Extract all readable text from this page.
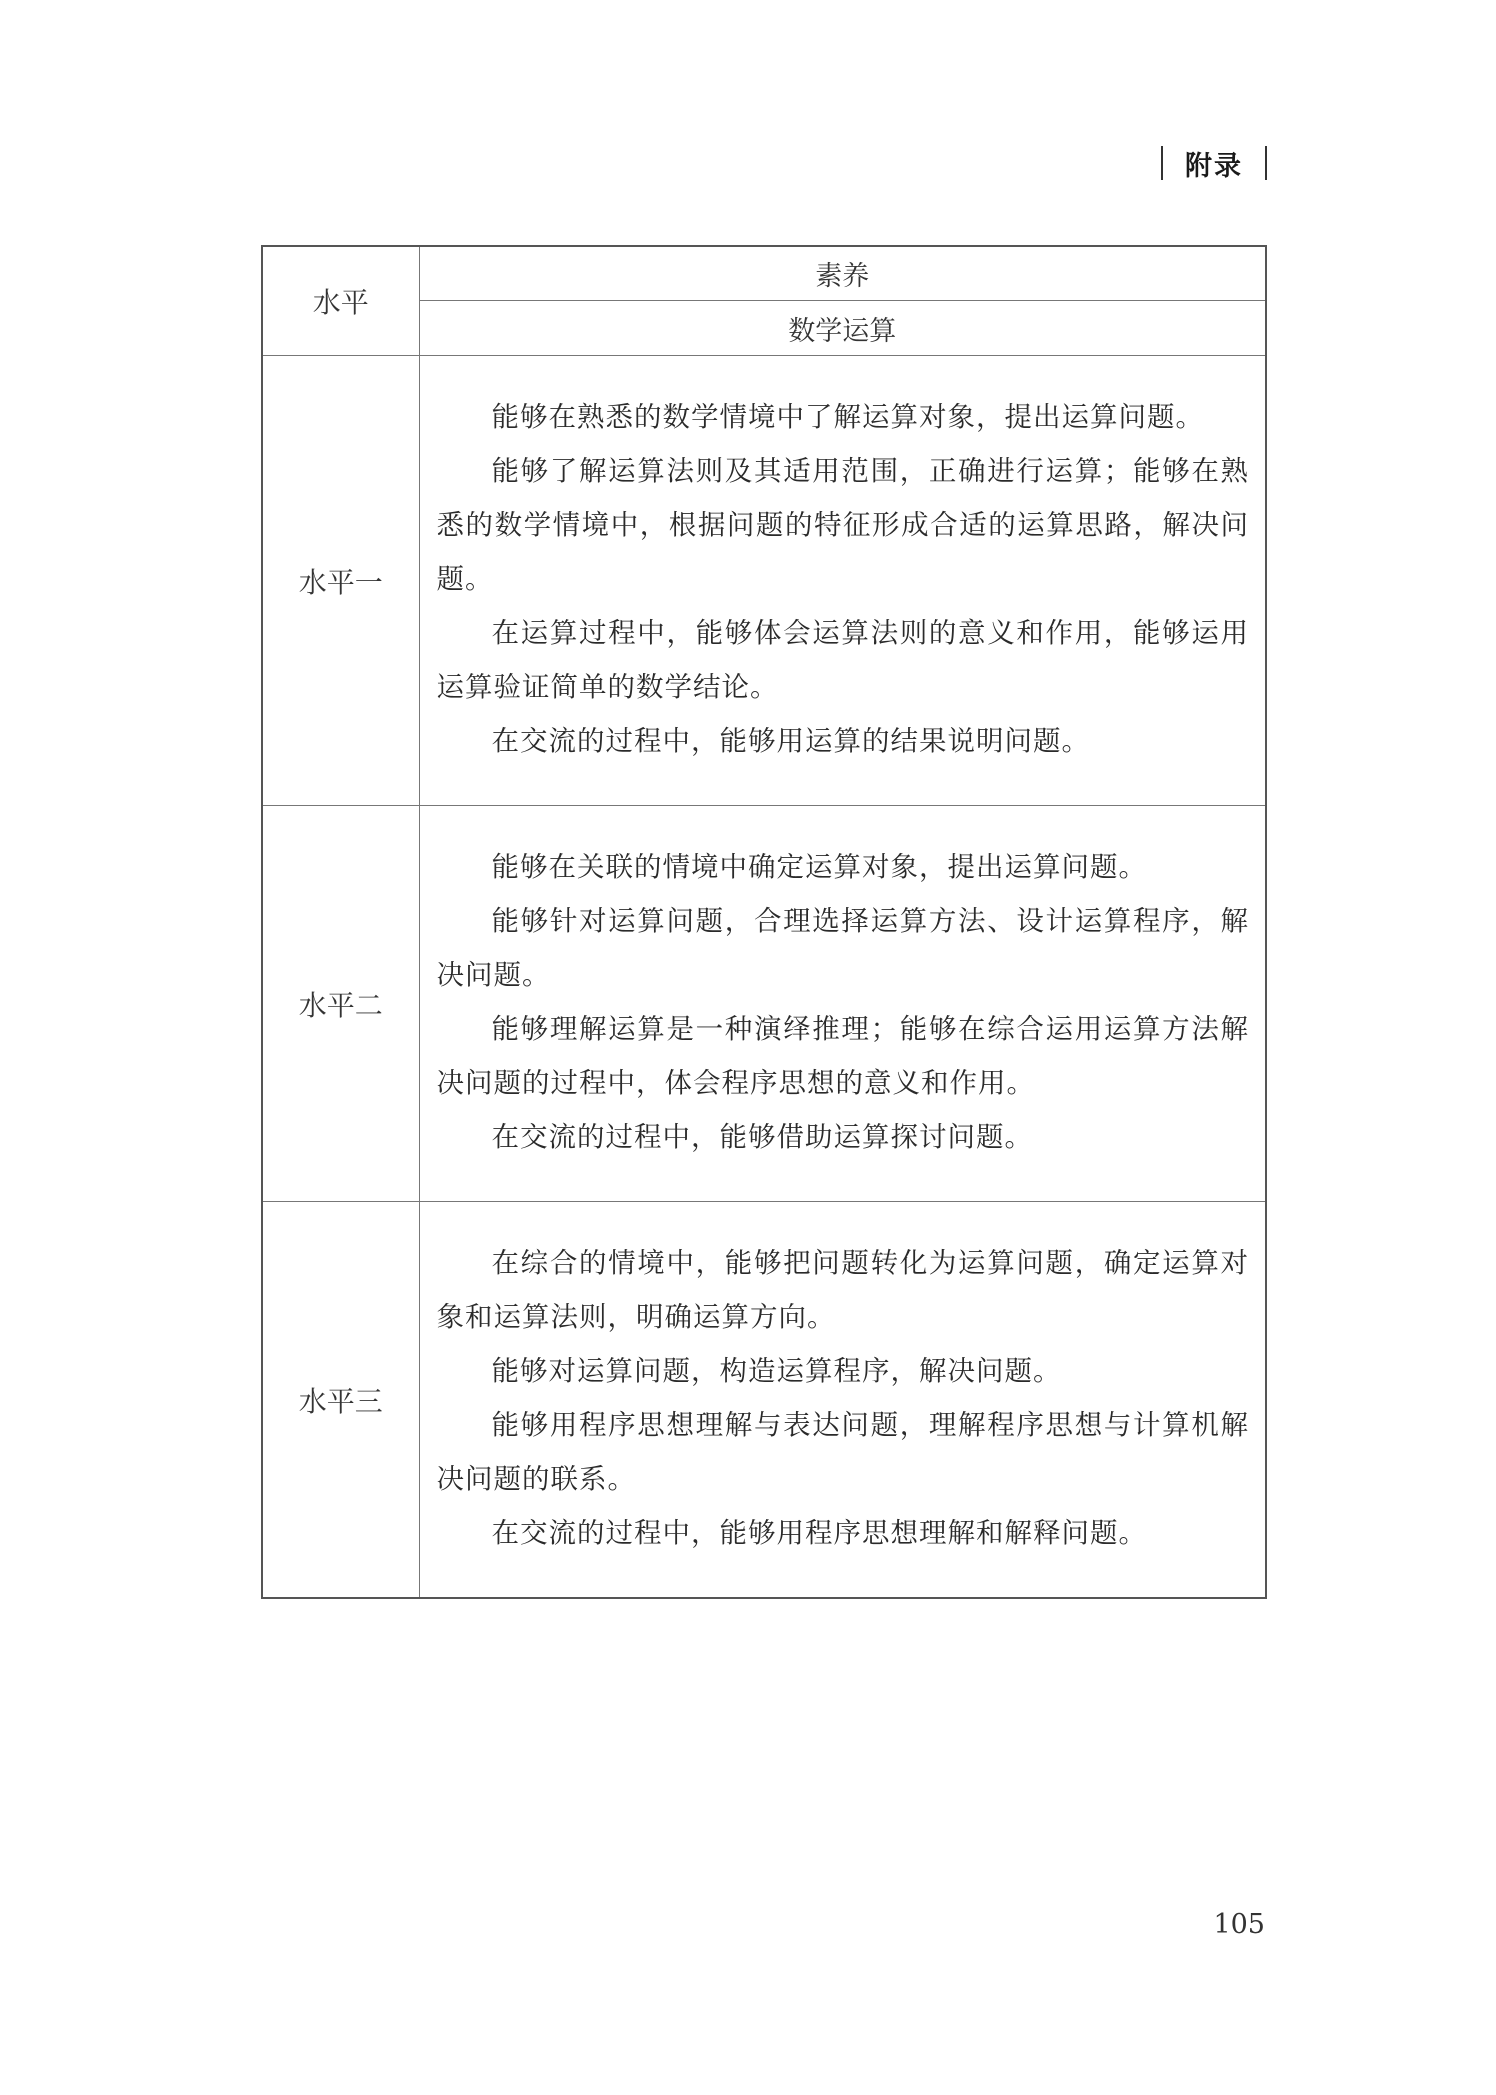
附录
水平	素养
	数学运算
水平一	能够在熟悉的数学情境中了解运算对象，提出运算问题。

能够了解运算法则及其适用范围，正确进行运算；能够在熟悉的数学情境中，根据问题的特征形成合适的运算思路，解决问题。

在运算过程中，能够体会运算法则的意义和作用，能够运用运算验证简单的数学结论。

在交流的过程中，能够用运算的结果说明问题。

水平二	能够在关联的情境中确定运算对象，提出运算问题。

能够针对运算问题，合理选择运算方法、设计运算程序，解决问题。

能够理解运算是一种演绎推理；能够在综合运用运算方法解决问题的过程中，体会程序思想的意义和作用。

在交流的过程中，能够借助运算探讨问题。

水平三	在综合的情境中，能够把问题转化为运算问题，确定运算对象和运算法则，明确运算方向。

能够对运算问题，构造运算程序，解决问题。

能够用程序思想理解与表达问题，理解程序思想与计算机解决问题的联系。

在交流的过程中，能够用程序思想理解和解释问题。

105
